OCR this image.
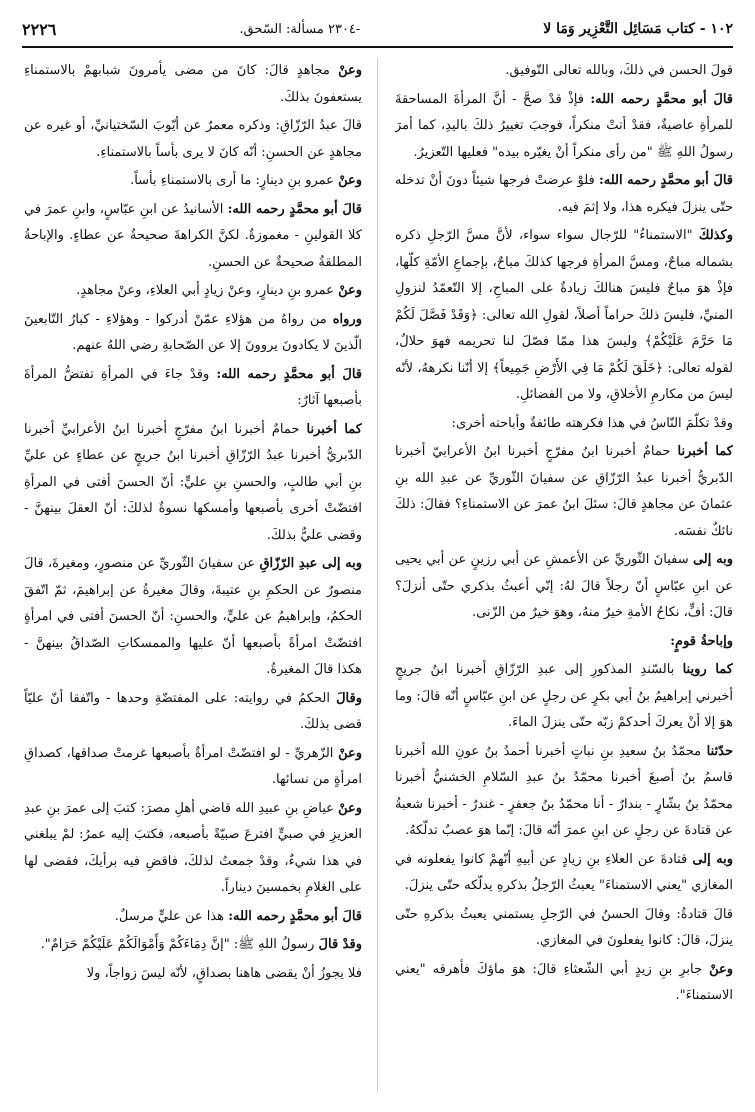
١٠٢ - كتاب مَسَائِل التَّعْزِير وَمَا لا
-٢٣٠٤ مسألة: السّحق.
٢٢٢٦

قولَ الحسن في ذلكَ، وبالله تعالى التّوفيق.

قالَ أبو محمَّدٍ رحمه الله: فإذْ قدْ صحَّ - أنَّ المرأةَ المساحقةَ للمرأةِ عاصيةٌ، فقدْ أتتْ منكراً، فوجبَ تغييرُ ذلكَ باليدِ، كما أمرَ رسولُ اللهِ ﷺ "من رأى منكراً أنْ يغيّره بيده" فعليها التّعزيرُ.

قالَ أبو محمَّدٍ رحمه الله: فلوْ عرضتْ فرجها شيئاً دونَ أنْ تدخله حتّى ينزلَ فيكره هذا، ولا إثمَ فيه.

وكذلكَ "الاستمناءُ" للرّجال سواء سواء، لأنَّ مسَّ الرّجلِ ذكره بشماله مباحٌ، ومسَّ المرأةِ فرجها كذلكَ مباحٌ، بإجماعِ الأمّةِ كلّها، فإذْ هوَ مباحٌ فليسَ هنالكَ زيادةٌ على المباحِ، إلا التّعمّدُ لنزولِ المنيِّ، فليسَ ذلكَ حراماً أصلاً، لقولِ الله تعالى: ﴿وَقَدْ فَصَّلَ لَكُمْ مَا حَرَّمَ عَلَيْكُمْ﴾ وليسَ هذا ممّا فصّلَ لنا تحريمه فهوَ حلالٌ، لقوله تعالى: ﴿خَلَقَ لَكُمْ مَا فِي الأَرْضِ جَمِيعاً﴾ إلا أنّنا نكرههُ، لأنّه ليسَ من مكارمِ الأخلاقِ، ولا من الفضائلِ.

وقدْ تكلّمَ النّاسُ في هذا فكرهته طائفةٌ وأباحته أخرى:

كما أخبرنا حمامٌ أخبرنا ابنُ مفرّجٍ أخبرنا ابنُ الأعرابيّ أخبرنا الدّبريُّ أخبرنا عبدُ الرّزّاقِ عن سفيانَ الثّوريِّ عن عبدِ الله بنِ عثمانَ عن مجاهدٍ قالَ: سئلَ ابنُ عمرَ عن الاستمناءِ؟ فقالَ: ذلكَ نائكٌ نفسَه.

وبه إلى سفيانَ الثّوريِّ عن الأعمشِ عن أبي رزينٍ عن أبي يحيى عن ابنِ عبّاسٍ أنّ رجلاً قالَ لهُ: إنّي أعبثُ بذكري حتّى أنزلَ؟ قالَ: أفٍّ، نكاحُ الأمةِ خيرٌ منهُ، وهوَ خيرٌ من الزّنى.

وإباحةُ قومٍ:

كما روينا بالسّندِ المذكورِ إلى عبدِ الرّزّاقِ أخبرنا ابنُ جريجٍ أخبرني إبراهيمُ بنُ أبي بكرٍ عن رجلٍ عن ابنِ عبّاسٍ أنّه قالَ: وما هوَ إلا أنْ يعركَ أحدكمْ زبّه حتّى ينزلَ الماءَ.

حدّثنا محمّدُ بنُ سعيدِ بنِ نباتٍ أخبرنا أحمدُ بنُ عونِ الله أخبرنا قاسمُ بنُ أصبغَ أخبرنا محمّدُ بنُ عبدِ السّلامِ الخشنيُّ أخبرنا محمّدُ بنُ بشّارٍ - بندارٌ - أنا محمّدُ بنُ جعفرٍ - غندرٌ - أخبرنا شعبةُ عن قتادةَ عن رجلٍ عن ابنِ عمرَ أنّه قالَ: إنّما هوَ عصبٌ تدلّكهُ.

وبه إلى قتادةَ عن العلاءِ بنِ زيادٍ عن أبيهِ أنّهمْ كانوا يفعلونه في المغازي "يعني الاستمناءَ" يعبثُ الرّجلُ بذكرهِ يدلّكه حتّى ينزلَ.

قالَ قتادةُ: وقالَ الحسنُ في الرّجلِ يستمني يعبثُ بذكرهِ حتّى ينزلَ، قالَ: كانوا يفعلونَ في المغازي.

وعنْ جابرِ بنِ زيدٍ أبي الشّعثاءِ قالَ: هوَ ماؤكَ فأهرقه "يعني الاستمناءَ".

وعنْ مجاهدٍ قالَ: كانَ من مضى يأمرونَ شبابهمْ بالاستمناءِ يستعفونَ بذلكَ.

قالَ عبدُ الرّزّاقِ: وذكره معمرٌ عن أيّوبَ السّختيانيِّ، أو غيره عن مجاهدٍ عن الحسنِ: أنّه كانَ لا يرى بأساً بالاستمناءِ.

وعنْ عمرو بنِ دينارٍ: ما أرى بالاستمناءِ بأساً.

قالَ أبو محمَّدٍ رحمه الله: الأسانيدُ عن ابنِ عبّاسٍ، وابنِ عمرَ في كلا القولينِ - مغموزةٌ. لكنَّ الكراهةَ صحيحةٌ عن عطاءٍ. والإباحةُ المطلقةُ صحيحةٌ عن الحسنِ.

وعنْ عمرو بنِ دينارٍ، وعنْ زيادٍ أبي العلاءِ، وعنْ مجاهدٍ.

ورواه من رواهُ من هؤلاءِ عمّنْ أدركوا - وهؤلاءِ - كبارُ التّابعينَ الّذينَ لا يكادونَ يروونَ إلا عن الصّحابةِ رضي اللهُ عنهم.

قالَ أبو محمَّدٍ رحمه الله: وقدْ جاءَ في المرأةِ تفتضُّ المرأةَ بأصبعها آثارٌ:

كما أخبرنا حمامٌ أخبرنا ابنُ مفرّجٍ أخبرنا ابنُ الأعرابيِّ أخبرنا الدّبريُّ أخبرنا عبدُ الرّزّاقِ أخبرنا ابنُ جريجٍ عن عطاءٍ عن عليِّ بنِ أبي طالبٍ، والحسنِ بنِ عليٍّ: أنّ الحسنَ أفتى في المرأةِ افتضّتْ أخرى بأصبعها وأمسكها نسوةٌ لذلكَ: أنّ العقلَ بينهنَّ - وقضى عليٌّ بذلكَ.

وبه إلى عبدِ الرّزّاقِ عن سفيانَ الثّوريِّ عن منصورٍ، ومغيرةَ، قالَ منصورٌ عن الحكمِ بنِ عتيبةَ، وقالَ مغيرةُ عن إبراهيمَ، ثمّ اتّفقَ الحكمُ، وإبراهيمُ عن عليٍّ، والحسنِ: أنّ الحسنَ أفتى في امرأةٍ افتضّتْ امرأةً بأصبعها أنّ عليها والممسكاتِ الصّداقُ بينهنَّ - هكذا قالَ المغيرةُ.

وقالَ الحكمُ في روايته: على المفتضّةِ وحدها - واتّفقا أنّ عليّاً قضى بذلكَ.

وعنْ الزّهريِّ - لو افتضّتْ امرأةٌ بأصبعها غرمتْ صداقها، كصداقِ امرأةٍ من نسائها.

وعنْ عياضِ بنِ عبيدِ الله قاضي أهلِ مصرَ: كتبَ إلى عمرَ بنِ عبدِ العزيزِ في صبيٍّ افترعَ صبيّةً بأصبعه، فكتبَ إليه عمرُ: لمْ يبلغني في هذا شيءٌ، وقدْ جمعتُ لذلكَ، فاقضِ فيه برأيكَ، فقضى لها على الغلامِ بخمسينَ ديناراً.

قالَ أبو محمَّدٍ رحمه الله: هذا عن عليٍّ مرسلٌ.

وقدْ قالَ رسولُ اللهِ ﷺ: "إنَّ دِمَاءَكُمْ وَأَمْوَالَكُمْ عَلَيْكُمْ حَرَامٌ".

فلا يجوزُ أنْ يقضى هاهنا بصداقٍ، لأنّه ليسَ زواجاً، ولا
